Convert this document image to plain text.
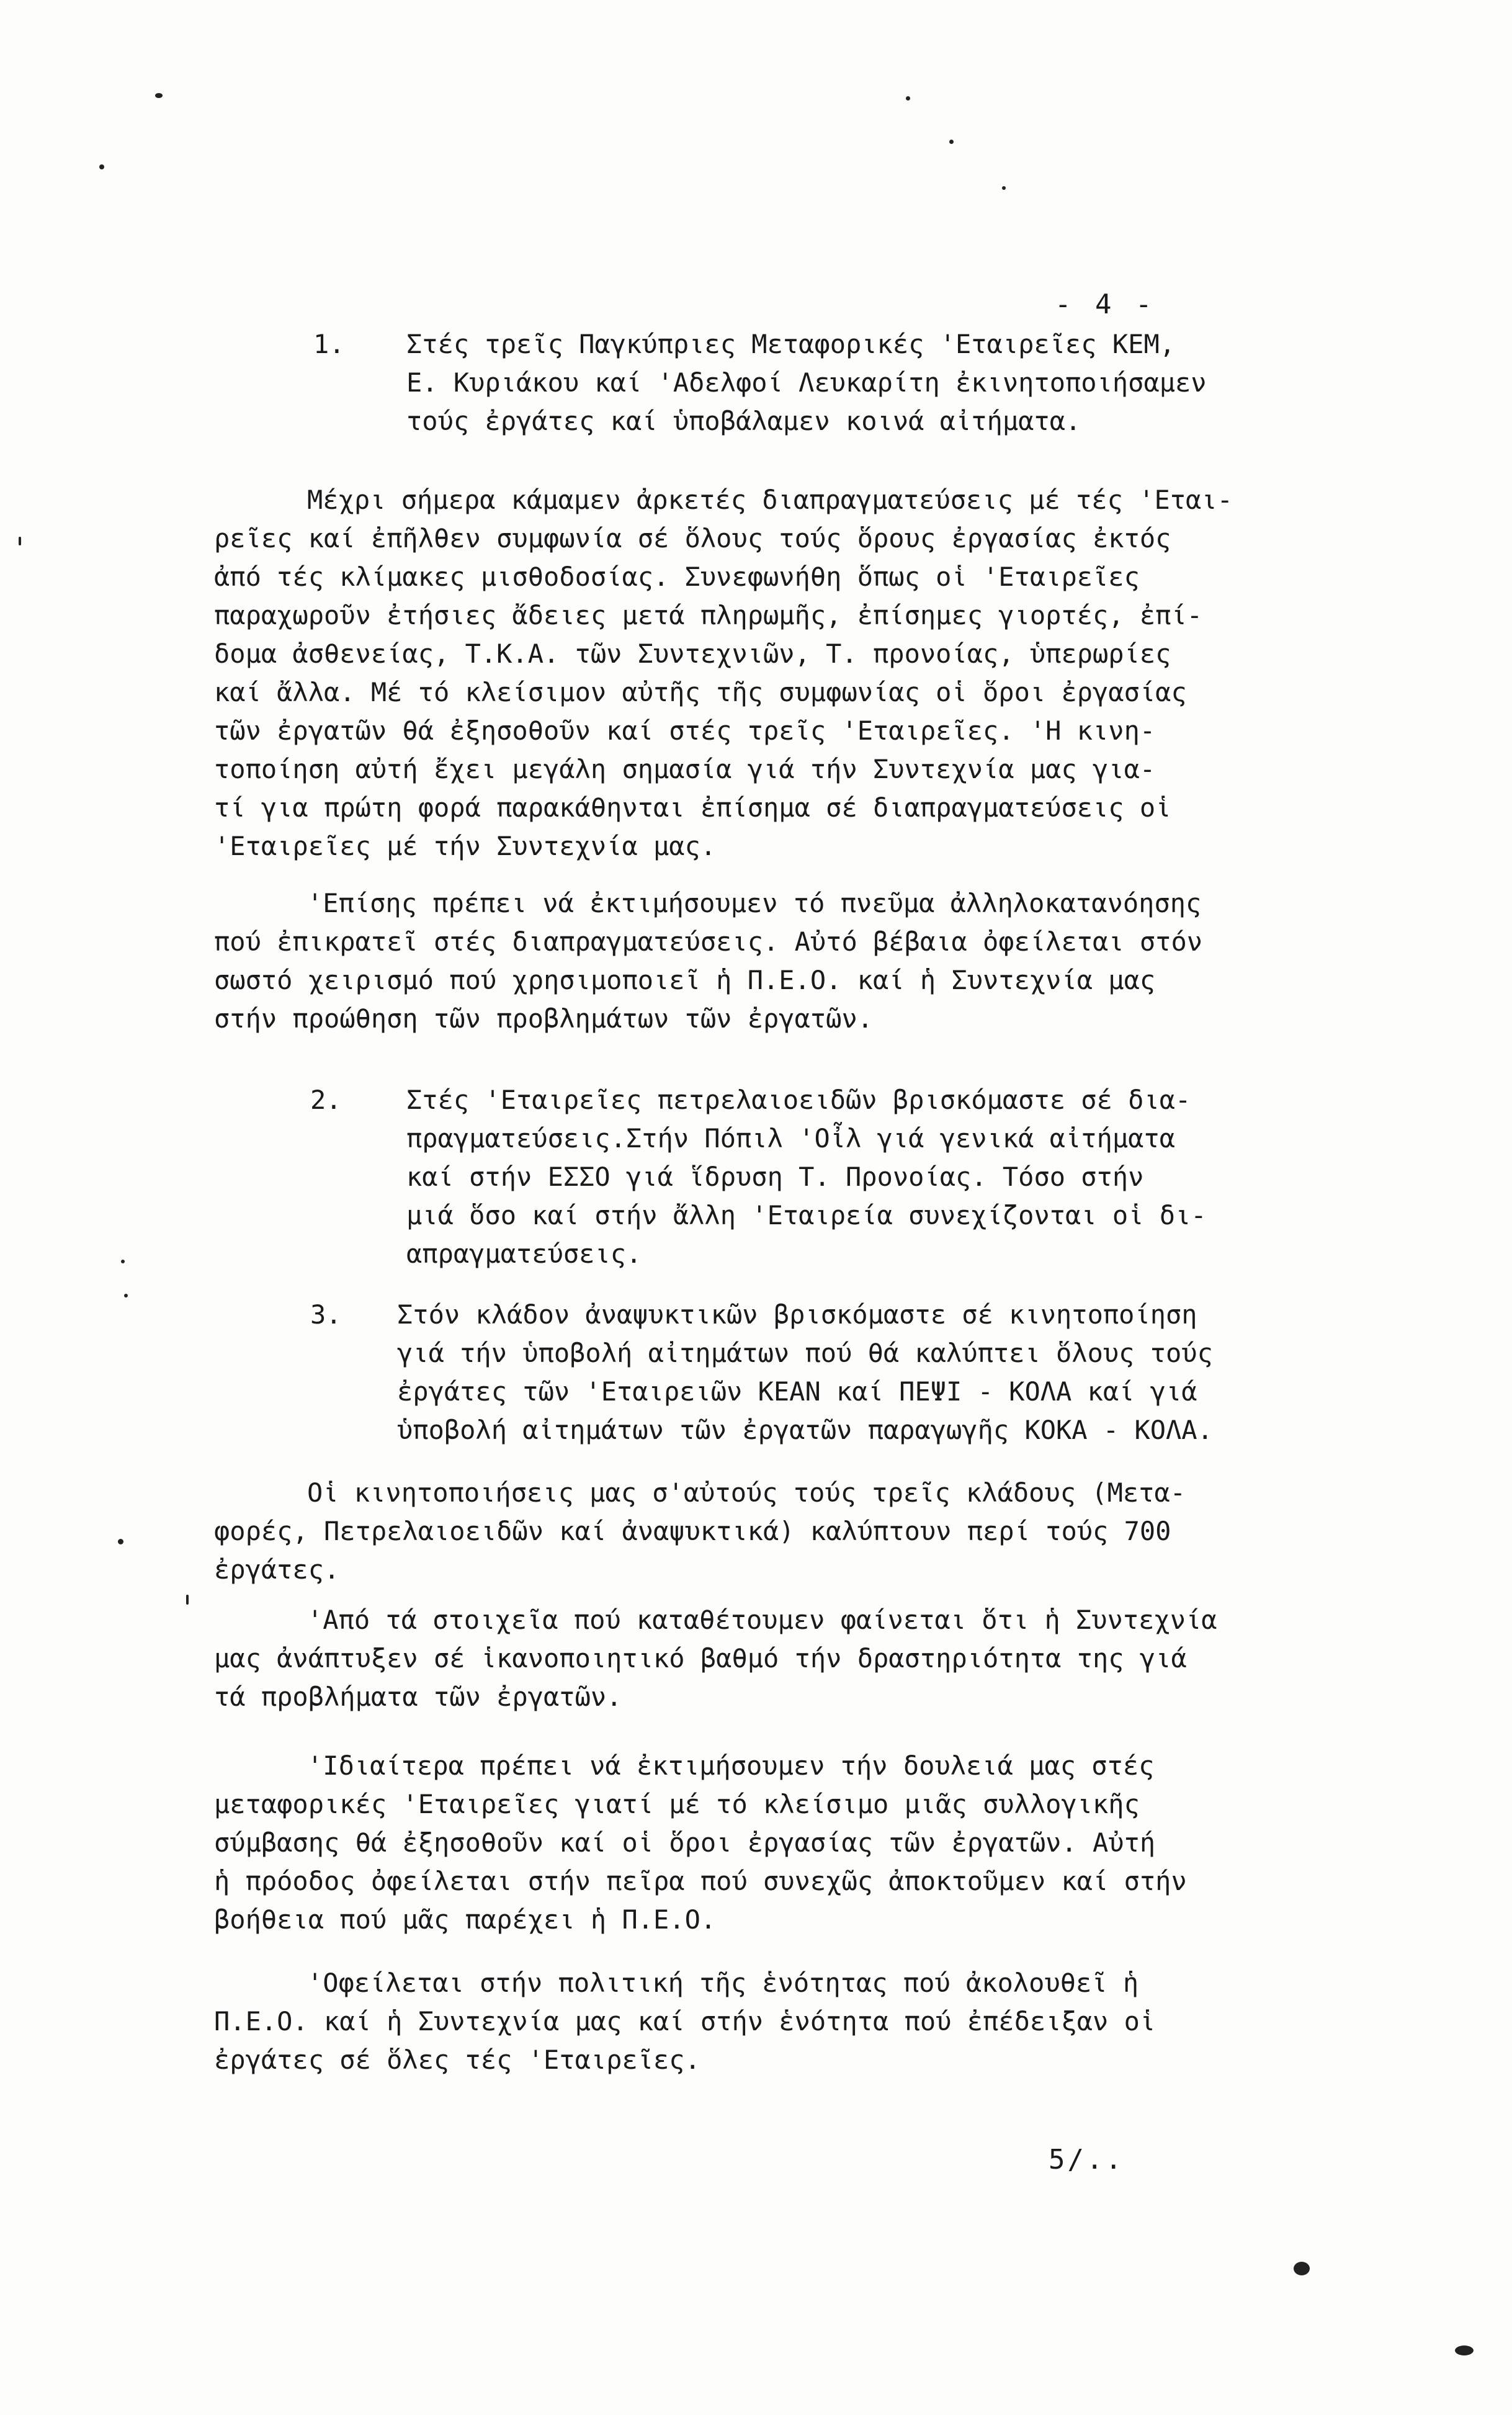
- 4 -
1. Στές τρεῖς Παγκύπριες Μεταφορικές 'Εταιρεῖες ΚΕΜ,
Ε. Κυριάκου καί 'Αδελφοί Λευκαρίτη ἐκινητοποιήσαμεν
τούς ἐργάτες καί ὑποβάλαμεν κοινά αἰτήματα.
Μέχρι σήμερα κάμαμεν ἀρκετές διαπραγματεύσεις μέ τές 'Εται-
ρεῖες καί ἐπῆλθεν συμφωνία σέ ὅλους τούς ὅρους ἐργασίας ἐκτός
ἀπό τές κλίμακες μισθοδοσίας. Συνεφωνήθη ὅπως οἱ 'Εταιρεῖες
παραχωροῦν ἐτήσιες ἄδειες μετά πληρωμῆς, ἐπίσημες γιορτές, ἐπί-
δομα ἀσθενείας, Τ.Κ.Α. τῶν Συντεχνιῶν, Τ. προνοίας, ὑπερωρίες
καί ἄλλα. Μέ τό κλείσιμον αὐτῆς τῆς συμφωνίας οἱ ὅροι ἐργασίας
τῶν ἐργατῶν θά ἐξησοθοῦν καί στές τρεῖς 'Εταιρεῖες. 'Η κινη-
τοποίηση αὐτή ἔχει μεγάλη σημασία γιά τήν Συντεχνία μας για-
τί για πρώτη φορά παρακάθηνται ἐπίσημα σέ διαπραγματεύσεις οἱ
'Εταιρεῖες μέ τήν Συντεχνία μας.
'Επίσης πρέπει νά ἐκτιμήσουμεν τό πνεῦμα ἀλληλοκατανόησης
πού ἐπικρατεῖ στές διαπραγματεύσεις. Αὐτό βέβαια ὀφείλεται στόν
σωστό χειρισμό πού χρησιμοποιεῖ ἡ Π.Ε.Ο. καί ἡ Συντεχνία μας
στήν προώθηση τῶν προβλημάτων τῶν ἐργατῶν.
2. Στές 'Εταιρεῖες πετρελαιοειδῶν βρισκόμαστε σέ δια-
πραγματεύσεις.Στήν Πόπιλ 'Οἶλ γιά γενικά αἰτήματα
καί στήν ΕΣΣΟ γιά ἵδρυση Τ. Προνοίας. Τόσο στήν
μιά ὅσο καί στήν ἄλλη 'Εταιρεία συνεχίζονται οἱ δι-
απραγματεύσεις.
3. Στόν κλάδον ἀναψυκτικῶν βρισκόμαστε σέ κινητοποίηση
γιά τήν ὑποβολή αἰτημάτων πού θά καλύπτει ὅλους τούς
ἐργάτες τῶν 'Εταιρειῶν ΚΕΑΝ καί ΠΕΨΙ - ΚΟΛΑ καί γιά
ὑποβολή αἰτημάτων τῶν ἐργατῶν παραγωγῆς ΚΟΚΑ - ΚΟΛΑ.
Οἱ κινητοποιήσεις μας σ'αὐτούς τούς τρεῖς κλάδους (Μετα-
φορές, Πετρελαιοειδῶν καί ἀναψυκτικά) καλύπτουν περί τούς 700
ἐργάτες.
'Από τά στοιχεῖα πού καταθέτουμεν φαίνεται ὅτι ἡ Συντεχνία
μας ἀνάπτυξεν σέ ἱκανοποιητικό βαθμό τήν δραστηριότητα της γιά
τά προβλήματα τῶν ἐργατῶν.
'Ιδιαίτερα πρέπει νά ἐκτιμήσουμεν τήν δουλειά μας στές
μεταφορικές 'Εταιρεῖες γιατί μέ τό κλείσιμο μιᾶς συλλογικῆς
σύμβασης θά ἐξησοθοῦν καί οἱ ὅροι ἐργασίας τῶν ἐργατῶν. Αὐτή
ἡ πρόοδος ὀφείλεται στήν πεῖρα πού συνεχῶς ἀποκτοῦμεν καί στήν
βοήθεια πού μᾶς παρέχει ἡ Π.Ε.Ο.
'Οφείλεται στήν πολιτική τῆς ἑνότητας πού ἀκολουθεῖ ἡ
Π.Ε.Ο. καί ἡ Συντεχνία μας καί στήν ἑνότητα πού ἐπέδειξαν οἱ
ἐργάτες σέ ὅλες τές 'Εταιρεῖες.
5/..
